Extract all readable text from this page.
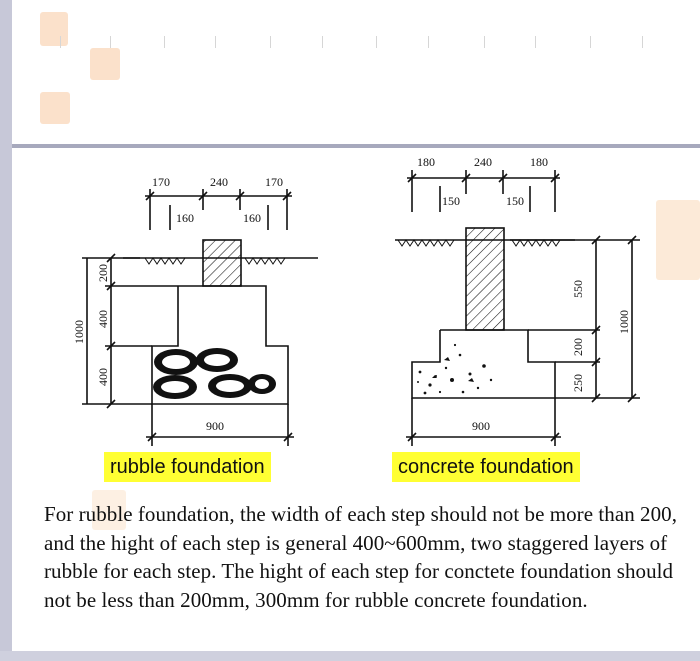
170	240	170
160	160
200
400
400
1000
900
180	240	180
150	150
550
200
250
1000
900
rubble foundation	concrete foundation
For rubble foundation, the width of each step should not be more than 200, and the hight of each step is general 400~600mm, two staggered layers of rubble for each step. The hight of each step for conctete foundation should not be less than 200mm, 300mm for rubble concrete foundation.
